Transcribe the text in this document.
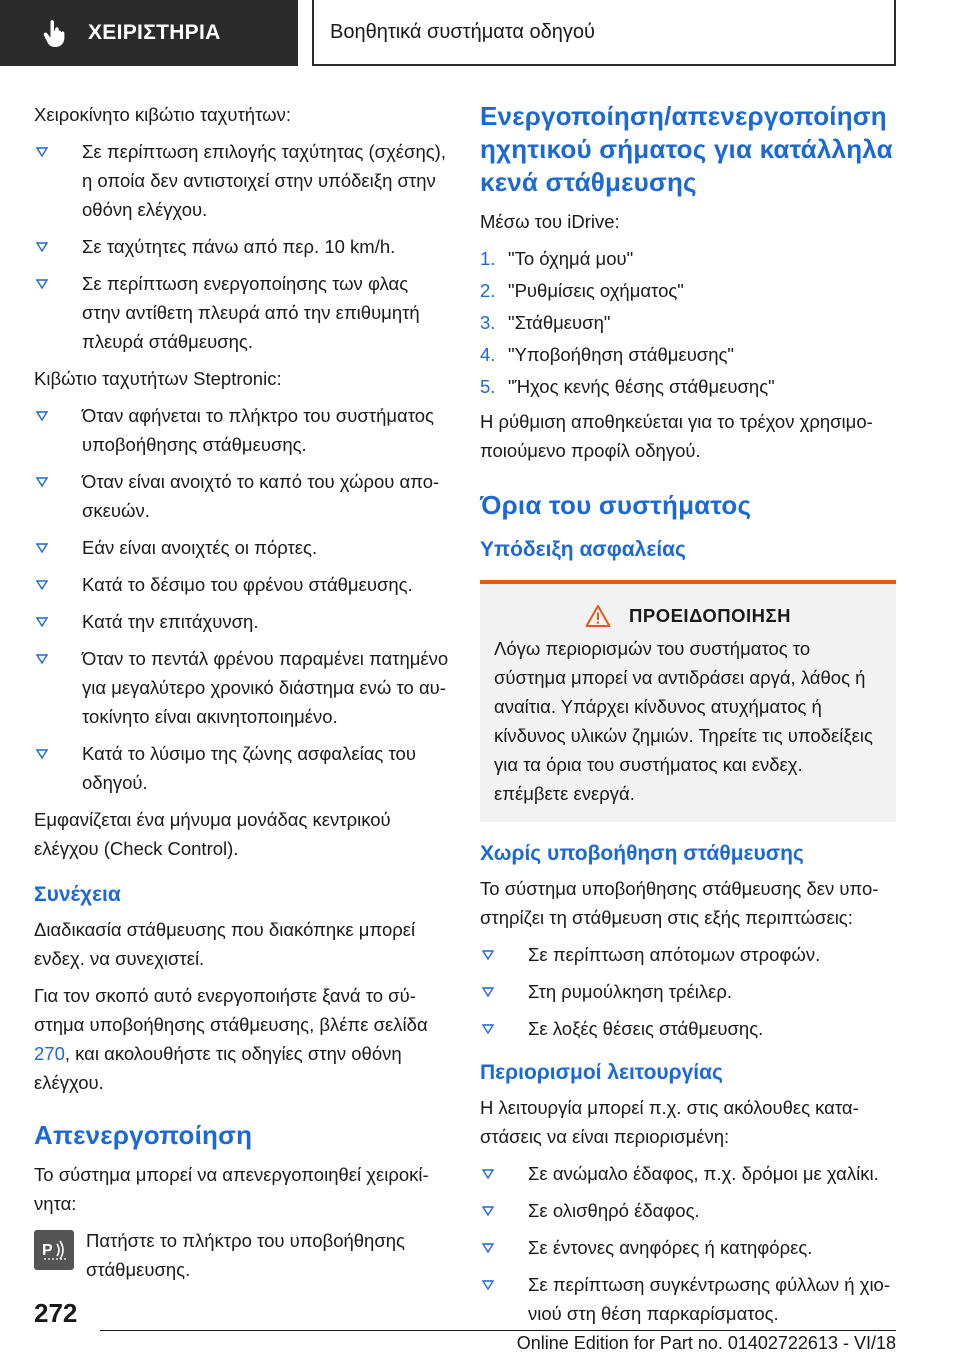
ΧΕΙΡΙΣΤΗΡΙΑ	Βοηθητικά συστήματα οδηγού

Χειροκίνητο κιβώτιο ταχυτήτων:

Σε περίπτωση επιλογής ταχύτητας (σχέσης), η οποία δεν αντιστοιχεί στην υπόδειξη στην οθόνη ελέγχου.
Σε ταχύτητες πάνω από περ. 10 km/h.
Σε περίπτωση ενεργοποίησης των φλας στην αντίθετη πλευρά από την επιθυμητή πλευρά στάθμευσης.

Κιβώτιο ταχυτήτων Steptronic:

Όταν αφήνεται το πλήκτρο του συστήματος υποβοήθησης στάθμευσης.
Όταν είναι ανοιχτό το καπό του χώρου αποσκευών.
Εάν είναι ανοιχτές οι πόρτες.
Κατά το δέσιμο του φρένου στάθμευσης.
Κατά την επιτάχυνση.
Όταν το πεντάλ φρένου παραμένει πατημένο για μεγαλύτερο χρονικό διάστημα ενώ το αυτοκίνητο είναι ακινητοποιημένο.
Κατά το λύσιμο της ζώνης ασφαλείας του οδηγού.

Εμφανίζεται ένα μήνυμα μονάδας κεντρικού ελέγχου (Check Control).

Συνέχεια

Διαδικασία στάθμευσης που διακόπηκε μπορεί ενδεχ. να συνεχιστεί.

Για τον σκοπό αυτό ενεργοποιήστε ξανά το σύστημα υποβοήθησης στάθμευσης, βλέπε σελίδα 270, και ακολουθήστε τις οδηγίες στην οθόνη ελέγχου.

Απενεργοποίηση

Το σύστημα μπορεί να απενεργοποιηθεί χειροκίνητα:

P Πατήστε το πλήκτρο του υποβοήθησης στάθμευσης.
Ενεργοποίηση/απενεργοποίηση ηχητικού σήματος για κατάλληλα κενά στάθμευσης

Μέσω του iDrive:

1. "Το όχημά μου"
2. "Ρυθμίσεις οχήματος"
3. "Στάθμευση"
4. "Υποβοήθηση στάθμευσης"
5. "Ήχος κενής θέσης στάθμευσης"

Η ρύθμιση αποθηκεύεται για το τρέχον χρησιμοποιούμενο προφίλ οδηγού.

Όρια του συστήματος
Υπόδειξη ασφαλείας
ΠΡΟΕΙΔΟΠΟΙΗΣΗ

Λόγω περιορισμών του συστήματος το σύστημα μπορεί να αντιδράσει αργά, λάθος ή αναίτια. Υπάρχει κίνδυνος ατυχήματος ή κίνδυνος υλικών ζημιών. Τηρείτε τις υποδείξεις για τα όρια του συστήματος και ενδεχ. επέμβετε ενεργά.

Χωρίς υποβοήθηση στάθμευσης

Το σύστημα υποβοήθησης στάθμευσης δεν υποστηρίζει τη στάθμευση στις εξής περιπτώσεις:

Σε περίπτωση απότομων στροφών.
Στη ρυμούλκηση τρέιλερ.
Σε λοξές θέσεις στάθμευσης.
Περιορισμοί λειτουργίας

Η λειτουργία μπορεί π.χ. στις ακόλουθες καταστάσεις να είναι περιορισμένη:

Σε ανώμαλο έδαφος, π.χ. δρόμοι με χαλίκι.
Σε ολισθηρό έδαφος.
Σε έντονες ανηφόρες ή κατηφόρες.
Σε περίπτωση συγκέντρωσης φύλλων ή χιονιού στη θέση παρκαρίσματος.
272
Online Edition for Part no. 01402722613 - VI/18
